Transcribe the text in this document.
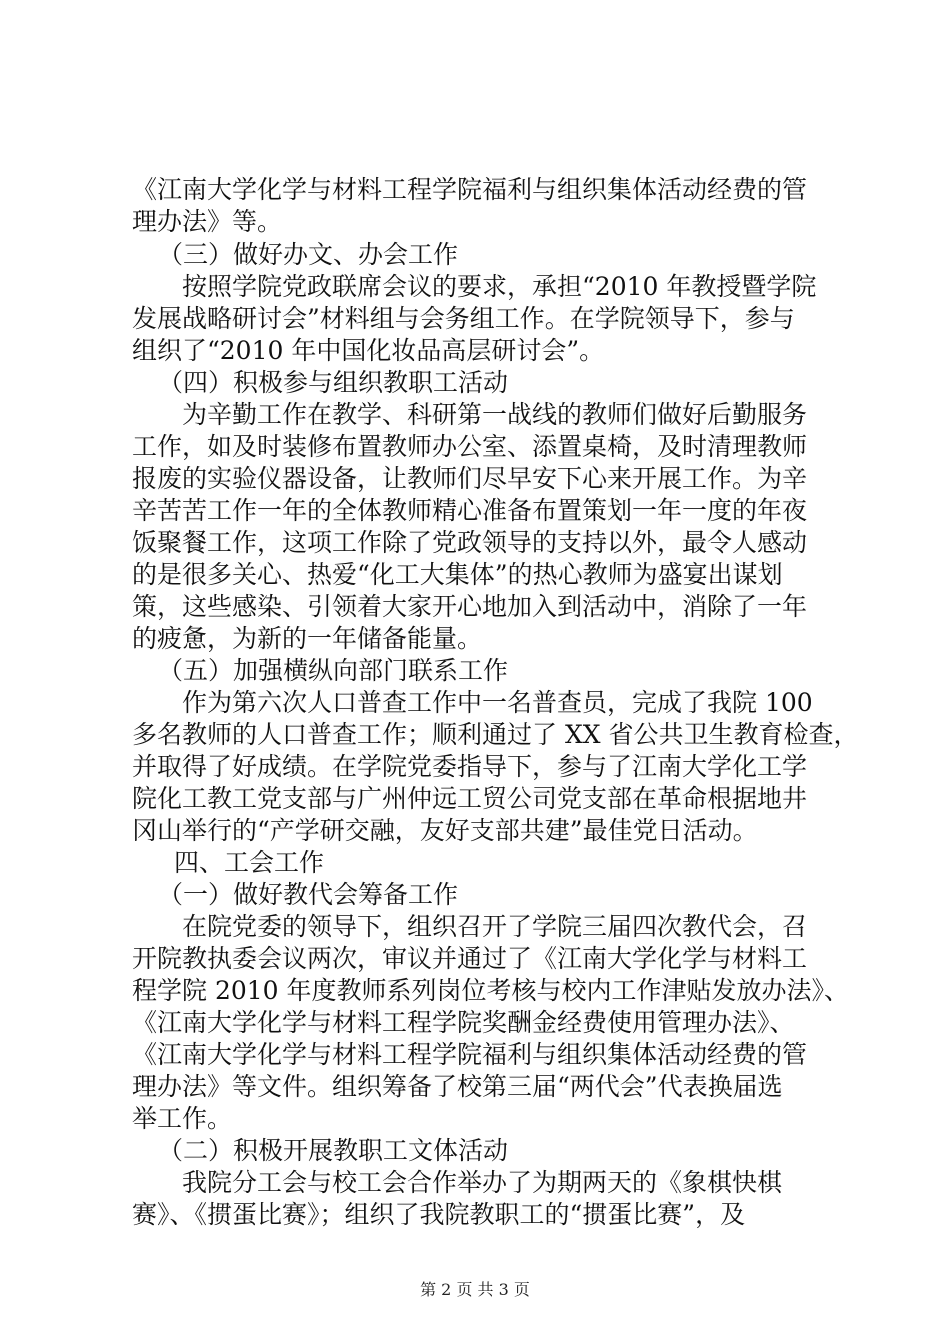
《江南大学化学与材料工程学院福利与组织集体活动经费的管
理办法》等。
（三）做好办文、办会工作
按照学院党政联席会议的要求，承担“2010 年教授暨学院
发展战略研讨会”材料组与会务组工作。在学院领导下，参与
组织了“2010 年中国化妆品高层研讨会”。
（四）积极参与组织教职工活动
为辛勤工作在教学、科研第一战线的教师们做好后勤服务
工作，如及时装修布置教师办公室、添置桌椅，及时清理教师
报废的实验仪器设备，让教师们尽早安下心来开展工作。为辛
辛苦苦工作一年的全体教师精心准备布置策划一年一度的年夜
饭聚餐工作，这项工作除了党政领导的支持以外，最令人感动
的是很多关心、热爱“化工大集体”的热心教师为盛宴出谋划
策，这些感染、引领着大家开心地加入到活动中，消除了一年
的疲惫，为新的一年储备能量。
（五）加强横纵向部门联系工作
作为第六次人口普查工作中一名普查员，完成了我院 100
多名教师的人口普查工作；顺利通过了 XX 省公共卫生教育检查，
并取得了好成绩。在学院党委指导下，参与了江南大学化工学
院化工教工党支部与广州仲远工贸公司党支部在革命根据地井
冈山举行的“产学研交融，友好支部共建”最佳党日活动。
四、工会工作
（一）做好教代会筹备工作
在院党委的领导下，组织召开了学院三届四次教代会，召
开院教执委会议两次，审议并通过了《江南大学化学与材料工
程学院 2010 年度教师系列岗位考核与校内工作津贴发放办法》、
《江南大学化学与材料工程学院奖酬金经费使用管理办法》、
《江南大学化学与材料工程学院福利与组织集体活动经费的管
理办法》等文件。组织筹备了校第三届“两代会”代表换届选
举工作。
（二）积极开展教职工文体活动
我院分工会与校工会合作举办了为期两天的《象棋快棋
赛》、《掼蛋比赛》；组织了我院教职工的“掼蛋比赛”，及
第 2 页 共 3 页
